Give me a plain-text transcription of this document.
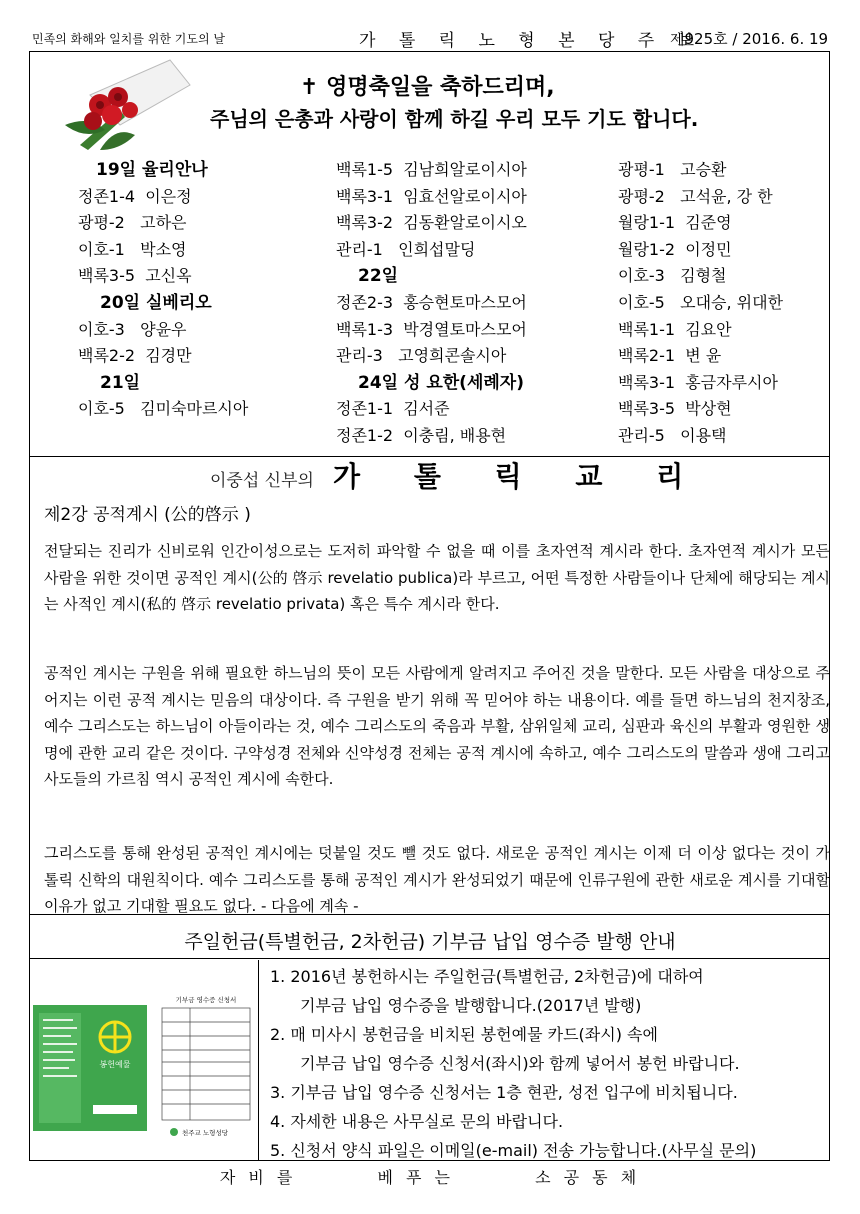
민족의 화해와 일치를 위한 기도의 날	가 톨 릭 노 형 본 당 주 보
제925호 / 2016. 6. 19
✝ 영명축일을 축하드리며,
주님의 은총과 사랑이 함께 하길 우리 모두 기도 합니다.
19일 율리안나
정존1-4  이은정
광평-2   고하은
이호-1   박소영
백록3-5  고신옥
20일 실베리오
이호-3   양윤우
백록2-2  김경만
21일
이호-5   김미숙마르시아
백록1-5  김남희알로이시아
백록3-1  임효선알로이시아
백록3-2  김동환알로이시오
관리-1   인희섭말딩
22일
정존2-3  홍승현토마스모어
백록1-3  박경열토마스모어
관리-3   고영희콘솔시아
24일 성 요한(세례자)
정존1-1  김서준
정존1-2  이충림, 배용현
광평-1   고승환
광평-2   고석윤, 강 한
월랑1-1  김준영
월랑1-2  이정민
이호-3   김형철
이호-5   오대승, 위대한
백록1-1  김요안
백록2-1  변 윤
백록3-1  홍금자루시아
백록3-5  박상현
관리-5   이용택
이중섭 신부의 가 톨 릭 교 리
제2강 공적계시 (公的啓示 )
전달되는 진리가 신비로워 인간이성으로는 도저히 파악할 수 없을 때 이를 초자연적 계시라 한다. 초자연적 계시가 모든 사람을 위한 것이면 공적인 계시(公的 啓示 revelatio publica)라 부르고, 어떤 특정한 사람들이나 단체에 해당되는 계시는 사적인 계시(私的 啓示 revelatio privata) 혹은 특수 계시라 한다.
공적인 계시는 구원을 위해 필요한 하느님의 뜻이 모든 사람에게 알려지고 주어진 것을 말한다. 모든 사람을 대상으로 주어지는 이런 공적 계시는 믿음의 대상이다. 즉 구원을 받기 위해 꼭 믿어야 하는 내용이다. 예를 들면 하느님의 천지창조, 예수 그리스도는 하느님이 아들이라는 것, 예수 그리스도의 죽음과 부활, 삼위일체 교리, 심판과 육신의 부활과 영원한 생명에 관한 교리 같은 것이다. 구약성경 전체와 신약성경 전체는 공적 계시에 속하고, 예수 그리스도의 말씀과 생애 그리고 사도들의 가르침 역시 공적인 계시에 속한다.
그리스도를 통해 완성된 공적인 계시에는 덧붙일 것도 뺄 것도 없다. 새로운 공적인 계시는 이제 더 이상 없다는 것이 가톨릭 신학의 대원칙이다. 예수 그리스도를 통해 공적인 계시가 완성되었기 때문에 인류구원에 관한 새로운 계시를 기대할 이유가 없고 기대할 필요도 없다. - 다음에 계속 -
주일헌금(특별헌금, 2차헌금) 기부금 납입 영수증 발행 안내
봉헌예물
기부금 영수증 신청서
천주교 노형성당
1. 2016년 봉헌하시는 주일헌금(특별헌금, 2차헌금)에 대하여
기부금 납입 영수증을 발행합니다.(2017년 발행)
2. 매 미사시 봉헌금을 비치된 봉헌예물 카드(좌시) 속에
기부금 납입 영수증 신청서(좌시)와 함께 넣어서 봉헌 바랍니다.
3. 기부금 납입 영수증 신청서는 1층 현관, 성전 입구에 비치됩니다.
4. 자세한 내용은 사무실로 문의 바랍니다.
5. 신청서 양식 파일은 이메일(e-mail) 전송 가능합니다.(사무실 문의)
자 비 를	베 푸 는	소 공 동 체
